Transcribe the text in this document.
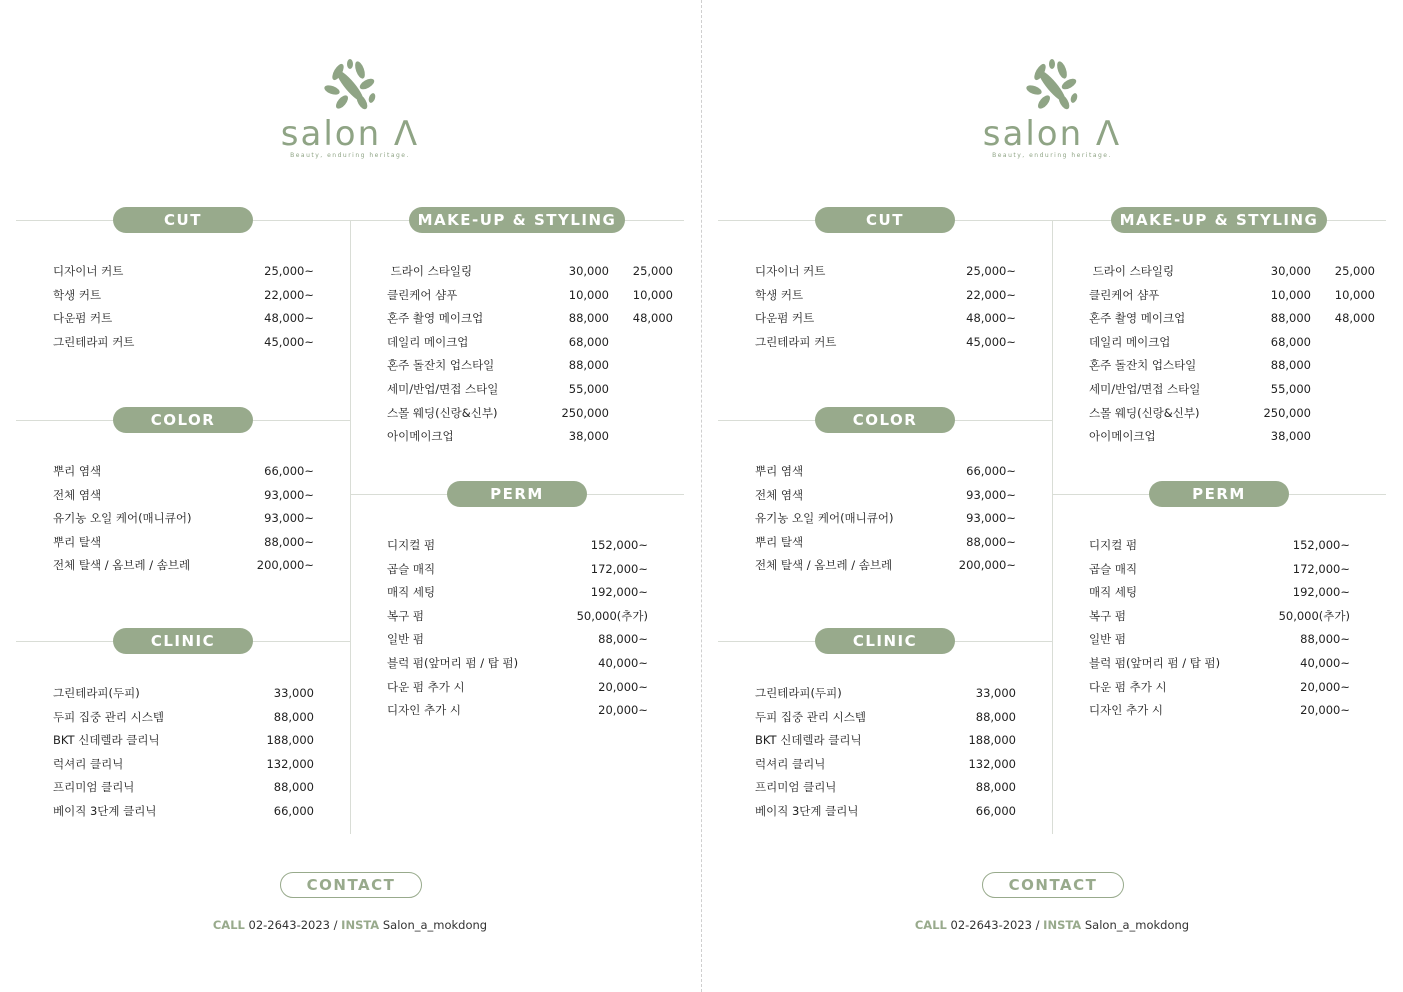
salon Λ
Beauty, enduring heritage.
CUT
COLOR
CLINIC
MAKE-UP & STYLING
PERM
디자이너 커트	25,000~
학생 커트	22,000~
다운펌 커트	48,000~
그린테라피 커트	45,000~
뿌리 염색	66,000~
전체 염색	93,000~
유기농 오일 케어(매니큐어)	93,000~
뿌리 탈색	88,000~
전체 탈색 / 옴브레 / 솜브레	200,000~
그린테라피(두피)	33,000
두피 집중 관리 시스템	88,000
BKT 신데렐라 클리닉	188,000
럭셔리 클리닉	132,000
프리미엄 클리닉	88,000
베이직 3단계 클리닉	66,000
드라이 스타일링	30,000	25,000
클린케어 샴푸	10,000	10,000
혼주 촬영 메이크업	88,000	48,000
데일리 메이크업	68,000
혼주 돌잔치 업스타일	88,000
세미/반업/면접 스타일	55,000
스몰 웨딩(신랑&신부)	250,000
아이메이크업	38,000
디지컬 펌	152,000~
곱슬 매직	172,000~
매직 세팅	192,000~
복구 펌	50,000(추가)
일반 펌	88,000~
블럭 펌(앞머리 펌 / 탑 펌)	40,000~
다운 펌 추가 시	20,000~
디자인 추가 시	20,000~
CONTACT
CALL 02-2643-2023 / INSTA Salon_a_mokdong
salon Λ
Beauty, enduring heritage.
CUT
COLOR
CLINIC
MAKE-UP & STYLING
PERM
디자이너 커트	25,000~
학생 커트	22,000~
다운펌 커트	48,000~
그린테라피 커트	45,000~
뿌리 염색	66,000~
전체 염색	93,000~
유기농 오일 케어(매니큐어)	93,000~
뿌리 탈색	88,000~
전체 탈색 / 옴브레 / 솜브레	200,000~
그린테라피(두피)	33,000
두피 집중 관리 시스템	88,000
BKT 신데렐라 클리닉	188,000
럭셔리 클리닉	132,000
프리미엄 클리닉	88,000
베이직 3단계 클리닉	66,000
드라이 스타일링	30,000	25,000
클린케어 샴푸	10,000	10,000
혼주 촬영 메이크업	88,000	48,000
데일리 메이크업	68,000
혼주 돌잔치 업스타일	88,000
세미/반업/면접 스타일	55,000
스몰 웨딩(신랑&신부)	250,000
아이메이크업	38,000
디지컬 펌	152,000~
곱슬 매직	172,000~
매직 세팅	192,000~
복구 펌	50,000(추가)
일반 펌	88,000~
블럭 펌(앞머리 펌 / 탑 펌)	40,000~
다운 펌 추가 시	20,000~
디자인 추가 시	20,000~
CONTACT
CALL 02-2643-2023 / INSTA Salon_a_mokdong
